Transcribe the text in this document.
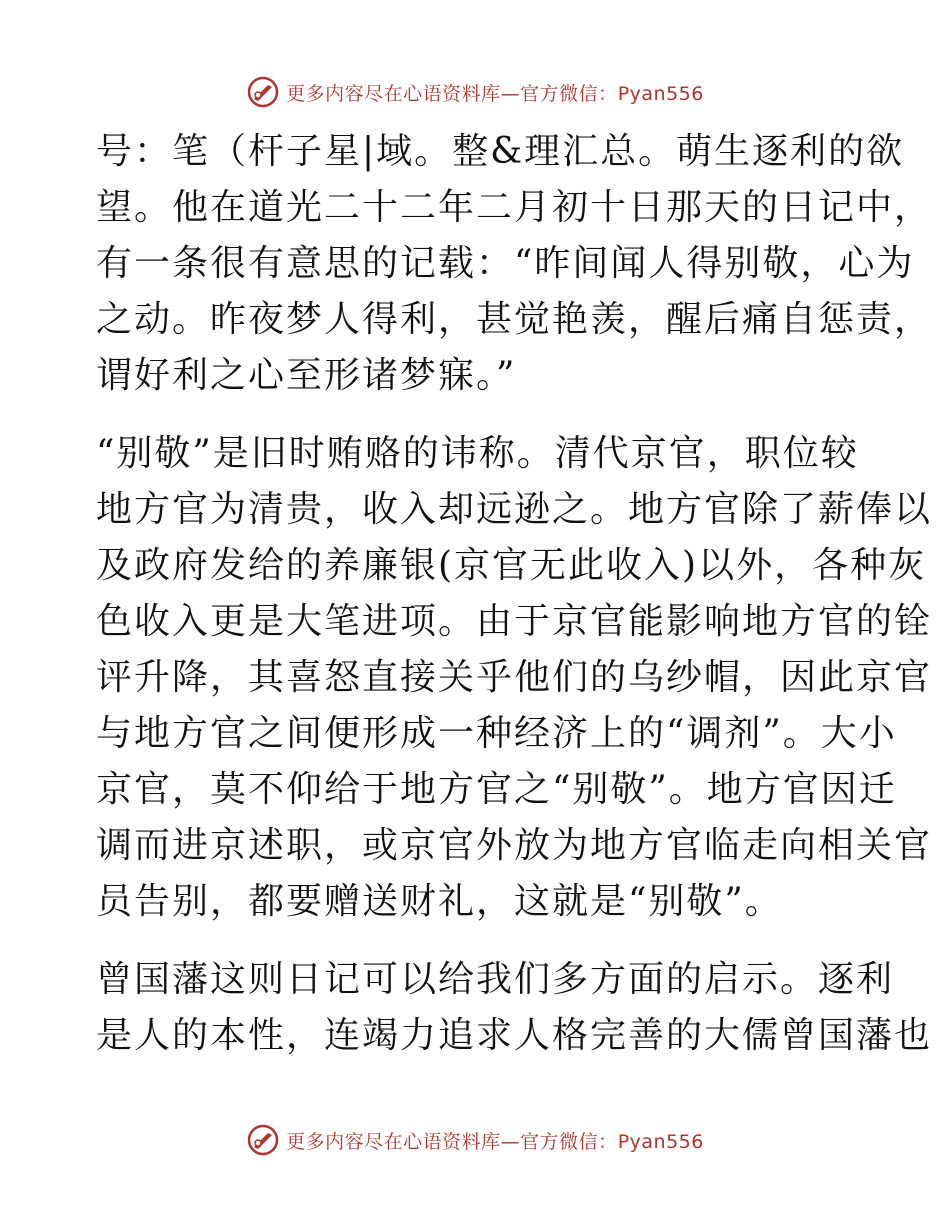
更多内容尽在心语资料库—官方微信：Pyan556

号：笔（杆子星|域。整&理汇总。萌生逐利的欲
望。他在道光二十二年二月初十日那天的日记中，
有一条很有意思的记载：“昨间闻人得别敬，心为
之动。昨夜梦人得利，甚觉艳羡，醒后痛自惩责，
谓好利之心至形诸梦寐。”

“别敬”是旧时贿赂的讳称。清代京官，职位较
地方官为清贵，收入却远逊之。地方官除了薪俸以
及政府发给的养廉银(京官无此收入)以外，各种灰
色收入更是大笔进项。由于京官能影响地方官的铨
评升降，其喜怒直接关乎他们的乌纱帽，因此京官
与地方官之间便形成一种经济上的“调剂”。大小
京官，莫不仰给于地方官之“别敬”。地方官因迁
调而进京述职，或京官外放为地方官临走向相关官
员告别，都要赠送财礼，这就是“别敬”。

曾国藩这则日记可以给我们多方面的启示。逐利
是人的本性，连竭力追求人格完善的大儒曾国藩也

更多内容尽在心语资料库—官方微信：Pyan556
